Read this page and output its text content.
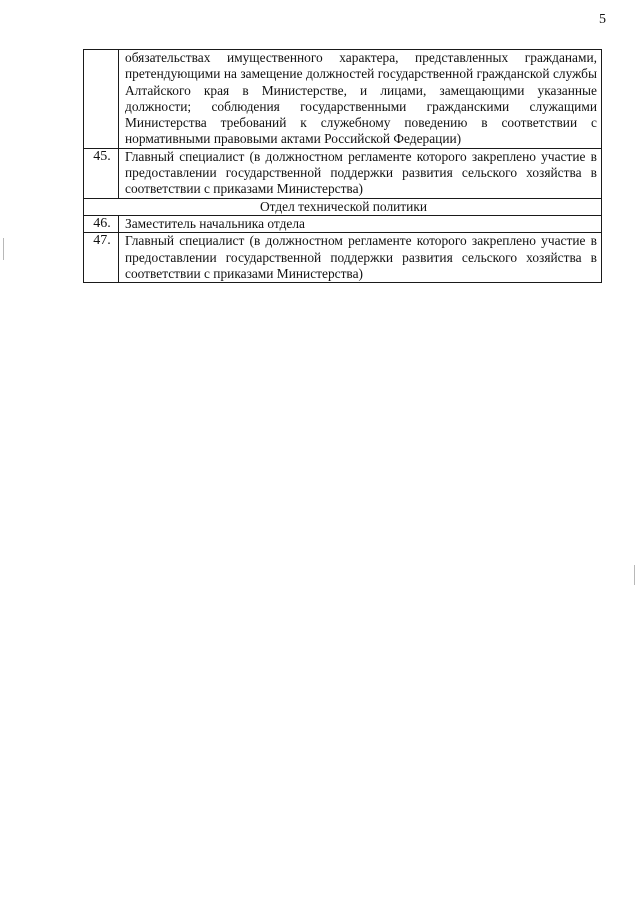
5
	обязательствах имущественного характера, представленных гражданами, претендующими на замещение должностей государственной гражданской службы Алтайского края в Министерстве, и лицами, замещающими указанные должности; соблюдения государственными гражданскими служащими Министерства требований к служебному поведению в соответствии с нормативными правовыми актами Российской Федерации)
45.	Главный специалист (в должностном регламенте которого закреплено участие в предоставлении государственной поддержки развития сельского хозяйства в соответствии с приказами Министерства)
Отдел технической политики	
46.	Заместитель начальника отдела
47.	Главный специалист (в должностном регламенте которого закреплено участие в предоставлении государственной поддержки развития сельского хозяйства в соответствии с приказами Министерства)
